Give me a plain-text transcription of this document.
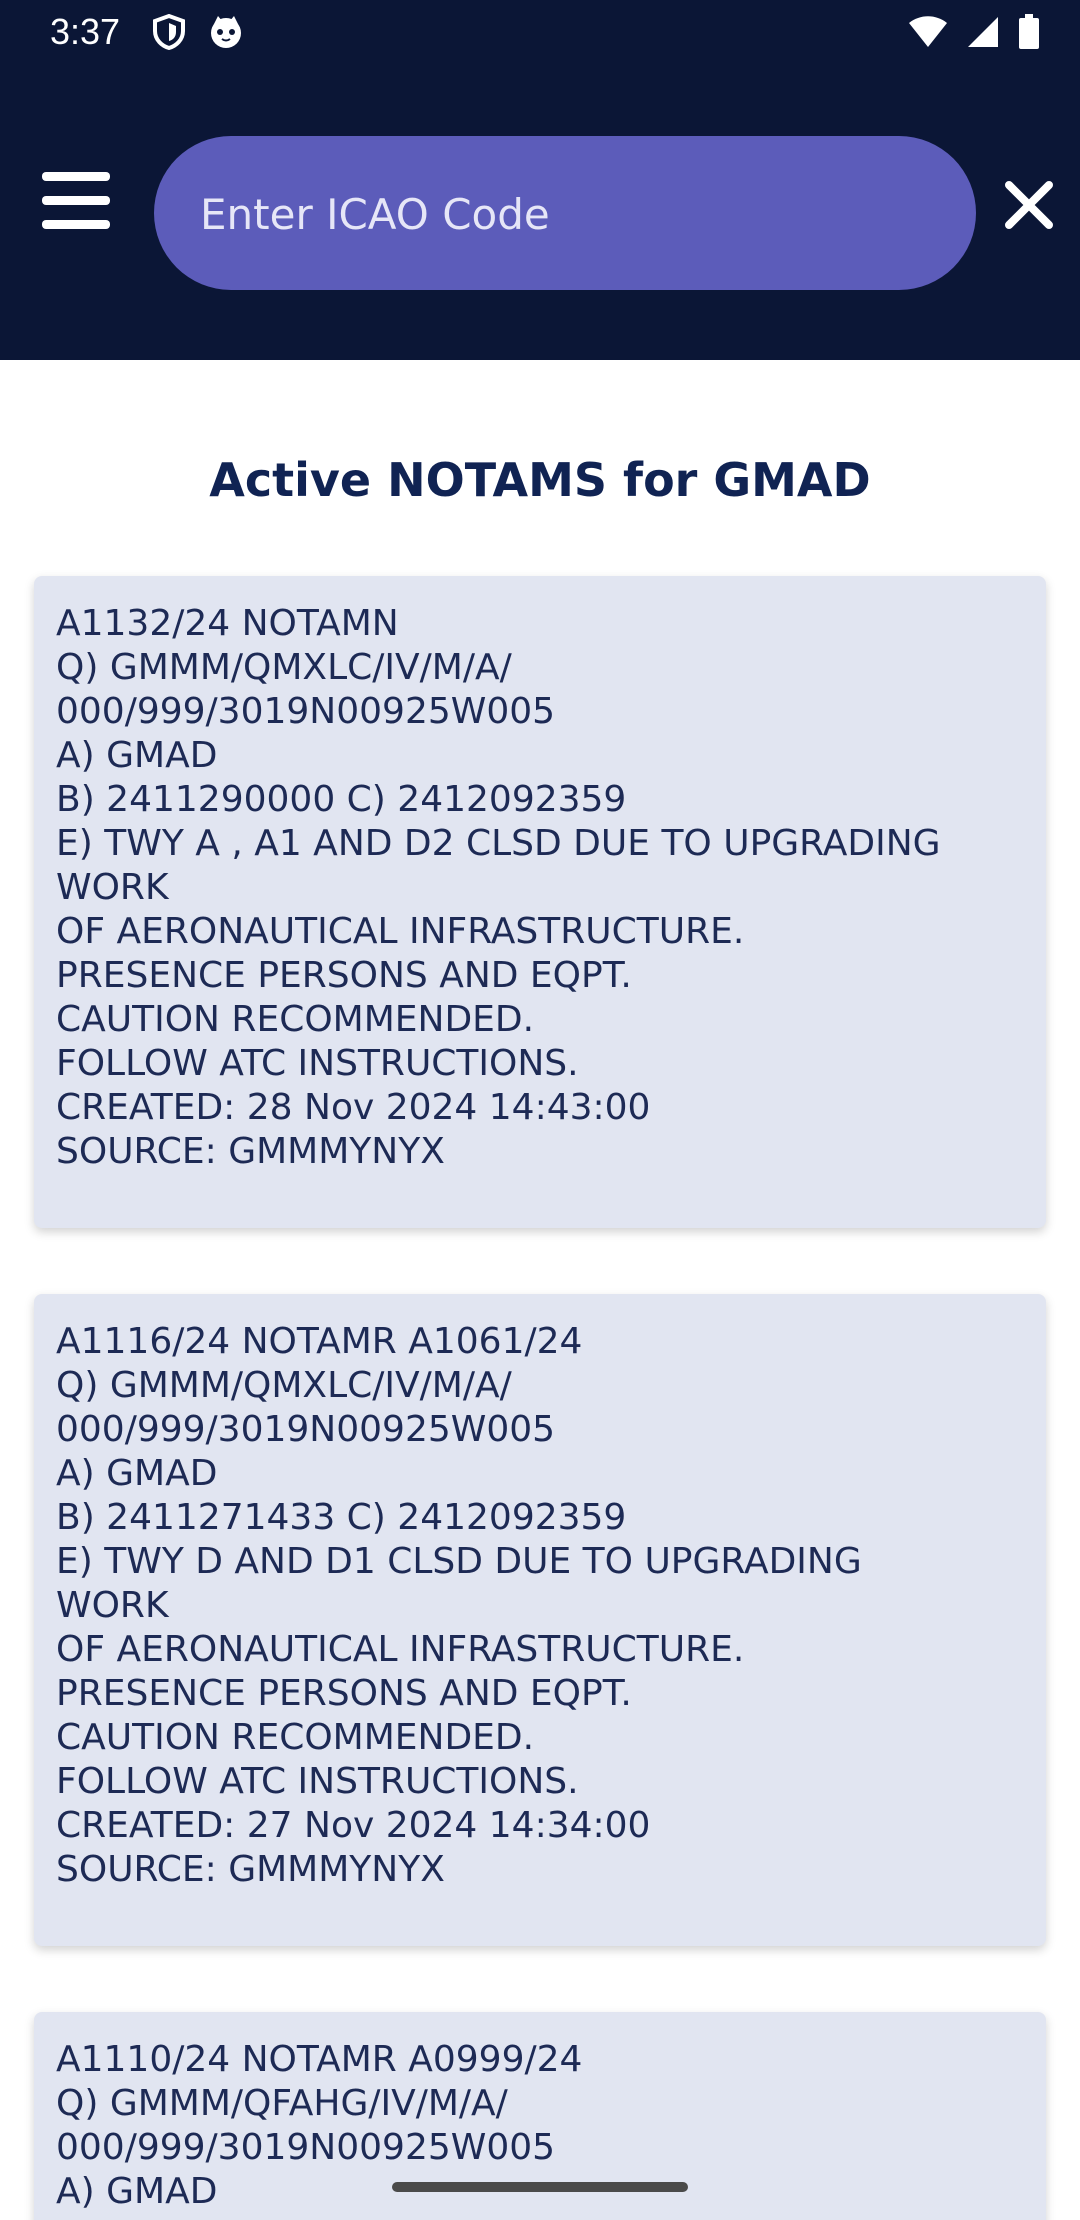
3:37
Enter ICAO Code
Active NOTAMS for GMAD
A1132/24 NOTAMN
Q) GMMM/QMXLC/IV/M/A/
000/999/3019N00925W005
A) GMAD
B) 2411290000 C) 2412092359
E) TWY A , A1 AND D2 CLSD DUE TO UPGRADING WORK
OF AERONAUTICAL INFRASTRUCTURE.
PRESENCE PERSONS AND EQPT.
CAUTION RECOMMENDED.
FOLLOW ATC INSTRUCTIONS.
CREATED: 28 Nov 2024 14:43:00
SOURCE: GMMMYNYX
A1116/24 NOTAMR A1061/24
Q) GMMM/QMXLC/IV/M/A/
000/999/3019N00925W005
A) GMAD
B) 2411271433 C) 2412092359
E) TWY D AND D1 CLSD DUE TO UPGRADING
WORK
OF AERONAUTICAL INFRASTRUCTURE.
PRESENCE PERSONS AND EQPT.
CAUTION RECOMMENDED.
FOLLOW ATC INSTRUCTIONS.
CREATED: 27 Nov 2024 14:34:00
SOURCE: GMMMYNYX
A1110/24 NOTAMR A0999/24
Q) GMMM/QFAHG/IV/M/A/
000/999/3019N00925W005
A) GMAD
